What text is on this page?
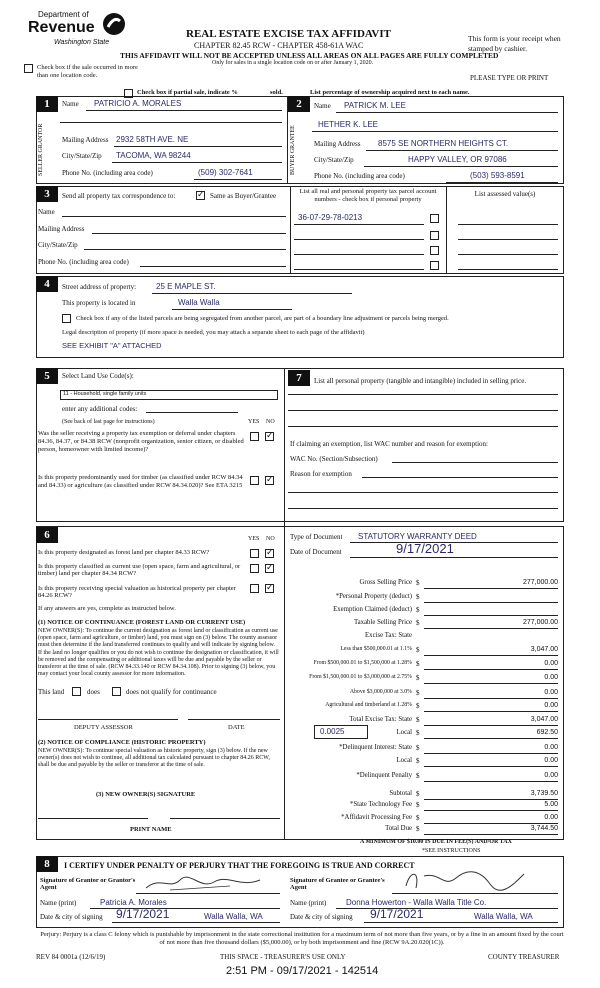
Department of
Revenue
Washington State
REAL ESTATE EXCISE TAX AFFIDAVIT
CHAPTER 82.45 RCW - CHAPTER 458-61A WAC
THIS AFFIDAVIT WILL NOT BE ACCEPTED UNLESS ALL AREAS ON ALL PAGES ARE FULLY COMPLETED
Only for sales in a single location code on or after January 1, 2020.
This form is your receipt when stamped by cashier.
Check box if the sale occurred in more than one location code.
Check box if partial sale, indicate %	sold.	List percentage of ownership acquired next to each name.
PLEASE TYPE OR PRINT
1
SELLER GRANTOR
Name PATRICIO A. MORALES
Mailing Address 2932 58TH AVE. NE
City/State/Zip TACOMA, WA 98244
Phone No. (including area code)	(509) 302-7641
2
BUYER GRANTEE
Name PATRICK M. LEE
HETHER K. LEE
Mailing Address 8575 SE NORTHERN HEIGHTS CT.
City/State/Zip	HAPPY VALLEY, OR 97086
Phone No. (including area code)	(503) 593-8591
3	Send all property tax correspondence to:
✓	Same as Buyer/Grantee
Name
Mailing Address
City/State/Zip
Phone No. (including area code)
List all real and personal property tax parcel account numbers - check box if personal property
List assessed value(s)
36-07-29-78-0213
4	Street address of property: 25 E MAPLE ST.
This property is located in	Walla Walla
Check box if any of the listed parcels are being segregated from another parcel, are part of a boundary line adjustment or parcels being merged.
Legal description of property (if more space is needed, you may attach a separate sheet to each page of the affidavit)
SEE EXHIBIT "A" ATTACHED
5	Select Land Use Code(s):
11 - Household, single family units
enter any additional codes:
(See back of last page for instructions)	YES NO
Was the seller receiving a property tax exemption or deferral under chapters 84.36, 84.37, or 84.38 RCW (nonprofit organization, senior citizen, or disabled person, homeowner with limited income)?
✓
Is this property predominantly used for timber (as classified under RCW 84.34 and 84.33) or agriculture (as classified under RCW 84.34.020)? See ETA 3215
✓
7	List all personal property (tangible and intangible) included in selling price.
If claiming an exemption, list WAC number and reason for exemption:
WAC No. (Section/Subsection)
Reason for exemption
6	YES NO
Is this property designated as forest land per chapter 84.33 RCW?
✓
Is this property classified as current use (open space, farm and agricultural, or timber) land per chapter 84.34 RCW?
✓
Is this property receiving special valuation as historical property per chapter 84.26 RCW?
✓
If any answers are yes, complete as instructed below.
(1) NOTICE OF CONTINUANCE (FOREST LAND OR CURRENT USE)
NEW OWNER(S): To continue the current designation as forest land or classification as current use (open space, farm and agriculture, or timber) land, you must sign on (3) below. The county assessor must then determine if the land transferred continues to qualify and will indicate by signing below. If the land no longer qualifies or you do not wish to continue the designation or classification, it will be removed and the compensating or additional taxes will be due and payable by the seller or transferor at the time of sale. (RCW 84.33.140 or RCW 84.34.108). Prior to signing (3) below, you may contact your local county assessor for more information.
This land	does	does not qualify for continuance
DEPUTY ASSESSOR	DATE
(2) NOTICE OF COMPLIANCE (HISTORIC PROPERTY)
NEW OWNER(S): To continue special valuation as historic property, sign (3) below. If the new owner(s) does not wish to continue, all additional tax calculated pursuant to chapter 84.26 RCW, shall be due and payable by the seller or transferor at the time of sale.
(3) NEW OWNER(S) SIGNATURE
PRINT NAME
Type of Document STATUTORY WARRANTY DEED
Date of Document	9/17/2021
Gross Selling Price $	277,000.00
*Personal Property (deduct) $
Exemption Claimed (deduct) $
Taxable Selling Price $	277,000.00
Excise Tax: State
Less than $500,000.01 at 1.1% $	3,047.00
From $500,000.01 to $1,500,000 at 1.28% $	0.00
From $1,500,000.01 to $3,000,000 at 2.75% $	0.00
Above $3,000,000 at 3.0% $	0.00
Agricultural and timberland at 1.28% $	0.00
Total Excise Tax: State $	3,047.00
Local $	692.50
*Delinquent Interest: State $	0.00
Local $	0.00
*Delinquent Penalty $	0.00
Subtotal $	3,739.50
*State Technology Fee $	5.00
*Affidavit Processing Fee $	0.00
Total Due $	3,744.50
0.0025
A MINIMUM OF $10.00 IS DUE IN FEE(S) AND/OR TAX
*SEE INSTRUCTIONS
8	I CERTIFY UNDER PENALTY OF PERJURY THAT THE FOREGOING IS TRUE AND CORRECT
Signature of Grantor or Grantor's Agent
Name (print)	Patricia A. Morales
Date & city of signing 9/17/2021	Walla Walla, WA
Signature of Grantee or Grantee's Agent
Name (print) Donna Howerton - Walla Walla Title Co.
Date & city of signing 9/17/2021	Walla Walla, WA
Perjury: Perjury is a class C felony which is punishable by imprisonment in the state correctional institution for a maximum term of not more than five years, or by a fine in an amount fixed by the court of not more than five thousand dollars ($5,000.00), or by both imprisonment and fine (RCW 9A.20.020(1C)).
REV 84 0001a (12/6/19)	THIS SPACE - TREASURER'S USE ONLY	COUNTY TREASURER
2:51 PM - 09/17/2021 - 142514
